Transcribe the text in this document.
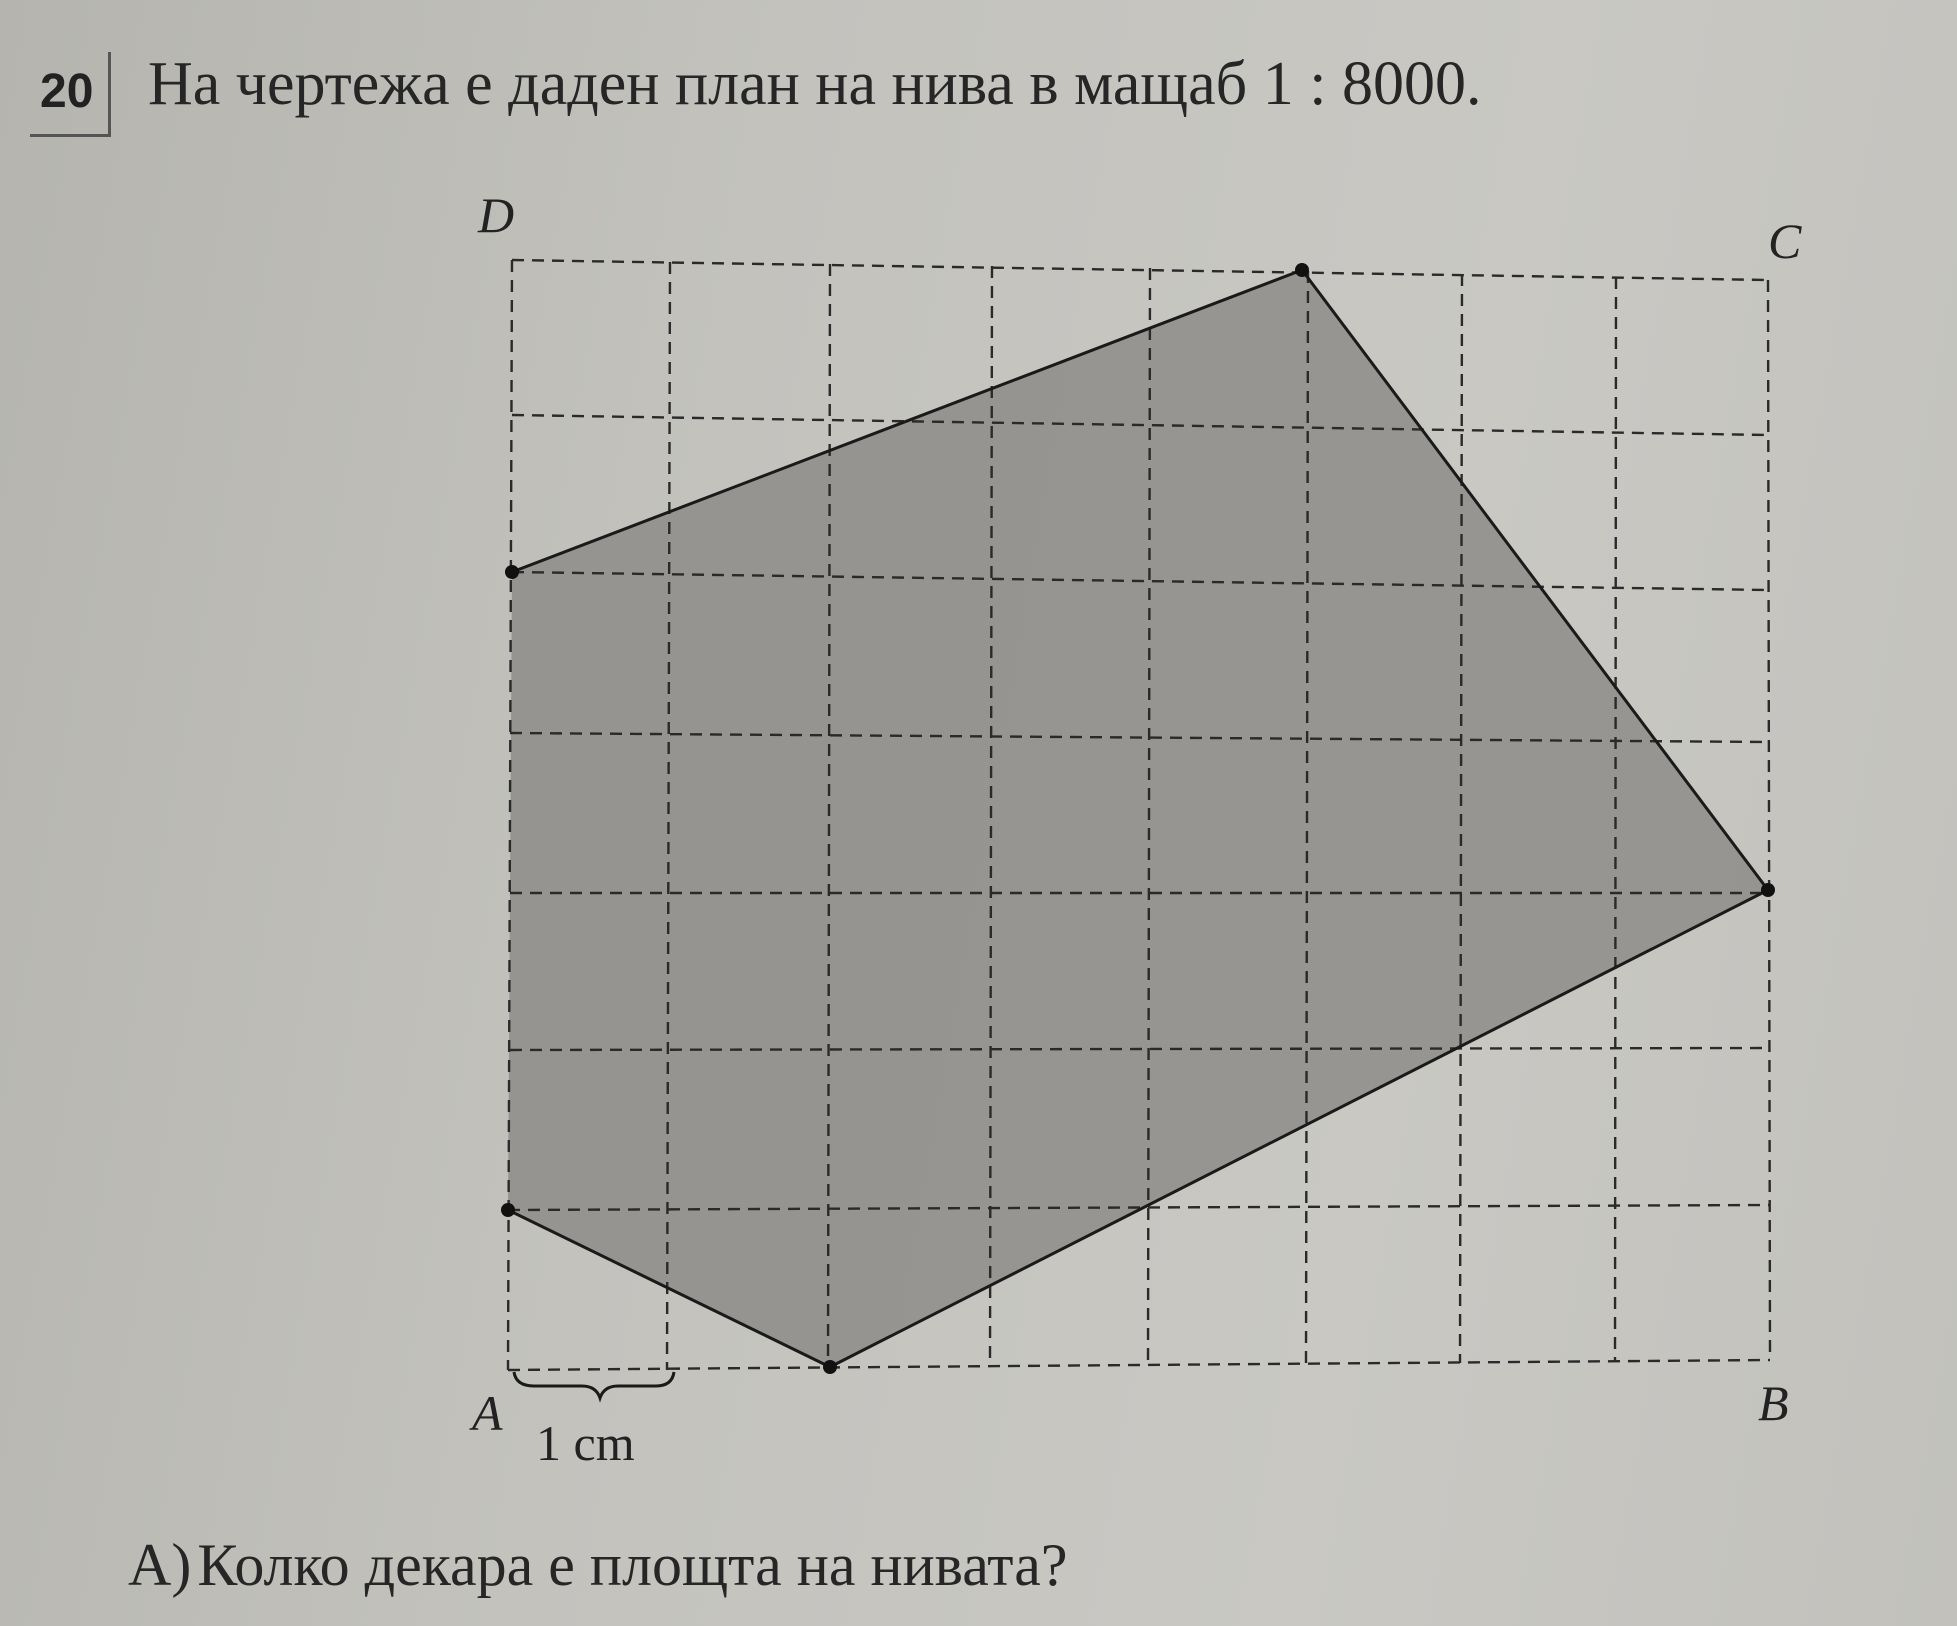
20 На чертежа е даден план на нива в мащаб 1 : 8000.
D	C
A	B
1 cm
А) Колко декара е площта на нивата?
